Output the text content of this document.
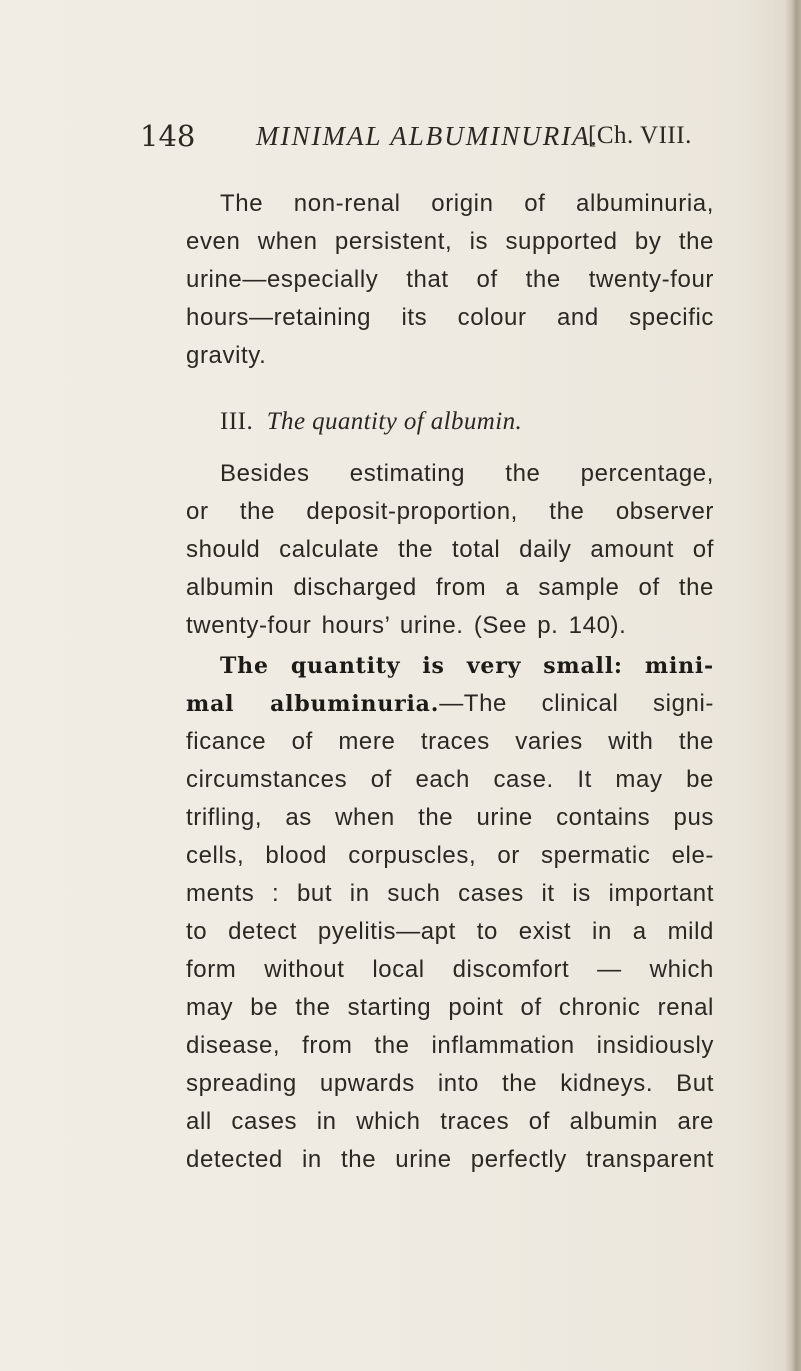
148 MINIMAL ALBUMINURIA.
[Ch. VIII.
The non-renal origin of albuminuria,
even when persistent, is supported by the
urine—especially that of the twenty-four
hours—retaining its colour and specific
gravity.
III. The quantity of albumin.
Besides estimating the percentage,
or the deposit-proportion, the observer
should calculate the total daily amount of
albumin discharged from a sample of the
twenty-four hours’ urine. (See p. 140).
The quantity is very small: mini-
mal albuminuria.—The clinical signi-
ficance of mere traces varies with the
circumstances of each case. It may be
trifling, as when the urine contains pus
cells, blood corpuscles, or spermatic ele-
ments : but in such cases it is important
to detect pyelitis—apt to exist in a mild
form without local discomfort — which
may be the starting point of chronic renal
disease, from the inflammation insidiously
spreading upwards into the kidneys. But
all cases in which traces of albumin are
detected in the urine perfectly transparent
